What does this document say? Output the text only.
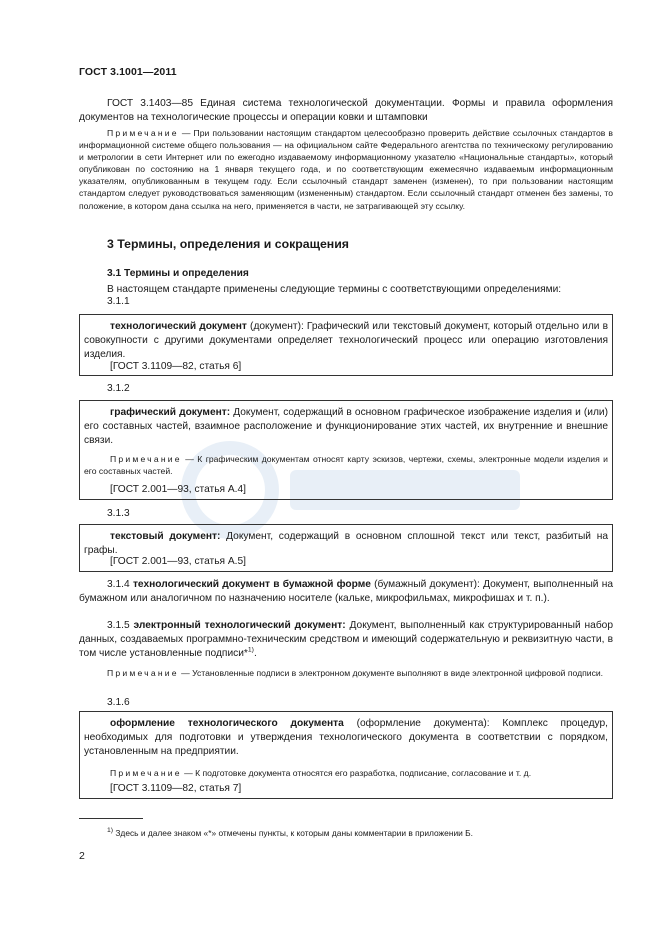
ГОСТ 3.1001—2011
ГОСТ 3.1403—85 Единая система технологической документации. Формы и правила оформления документов на технологические процессы и операции ковки и штамповки
Примечание — При пользовании настоящим стандартом целесообразно проверить действие ссылочных стандартов в информационной системе общего пользования — на официальном сайте Федерального агентства по техническому регулированию и метрологии в сети Интернет или по ежегодно издаваемому информационному указателю «Национальные стандарты», который опубликован по состоянию на 1 января текущего года, и по соответствующим ежемесячно издаваемым информационным указателям, опубликованным в текущем году. Если ссылочный стандарт заменен (изменен), то при пользовании настоящим стандартом следует руководствоваться заменяющим (измененным) стандартом. Если ссылочный стандарт отменен без замены, то положение, в котором дана ссылка на него, применяется в части, не затрагивающей эту ссылку.
3 Термины, определения и сокращения
3.1 Термины и определения
В настоящем стандарте применены следующие термины с соответствующими определениями:
3.1.1
технологический документ (документ): Графический или текстовый документ, который отдельно или в совокупности с другими документами определяет технологический процесс или операцию изготовления изделия.
[ГОСТ 3.1109—82, статья 6]
3.1.2
графический документ: Документ, содержащий в основном графическое изображение изделия и (или) его составных частей, взаимное расположение и функционирование этих частей, их внутренние и внешние связи.
Примечание — К графическим документам относят карту эскизов, чертежи, схемы, электронные модели изделия и его составных частей.
[ГОСТ 2.001—93, статья А.4]
3.1.3
текстовый документ: Документ, содержащий в основном сплошной текст или текст, разбитый на графы.
[ГОСТ 2.001—93, статья А.5]
3.1.4 технологический документ в бумажной форме (бумажный документ): Документ, выполненный на бумажном или аналогичном по назначению носителе (кальке, микрофильмах, микрофишах и т. п.).
3.1.5 электронный технологический документ: Документ, выполненный как структурированный набор данных, создаваемых программно-техническим средством и имеющий содержательную и реквизитную части, в том числе установленные подписи*$^{1)}$.
Примечание — Установленные подписи в электронном документе выполняют в виде электронной цифровой подписи.
3.1.6
оформление технологического документа (оформление документа): Комплекс процедур, необходимых для подготовки и утверждения технологического документа в соответствии с порядком, установленным на предприятии.
Примечание — К подготовке документа относятся его разработка, подписание, согласование и т. д.
[ГОСТ 3.1109—82, статья 7]
$^{1)}$ Здесь и далее знаком «*» отмечены пункты, к которым даны комментарии в приложении Б.
2
